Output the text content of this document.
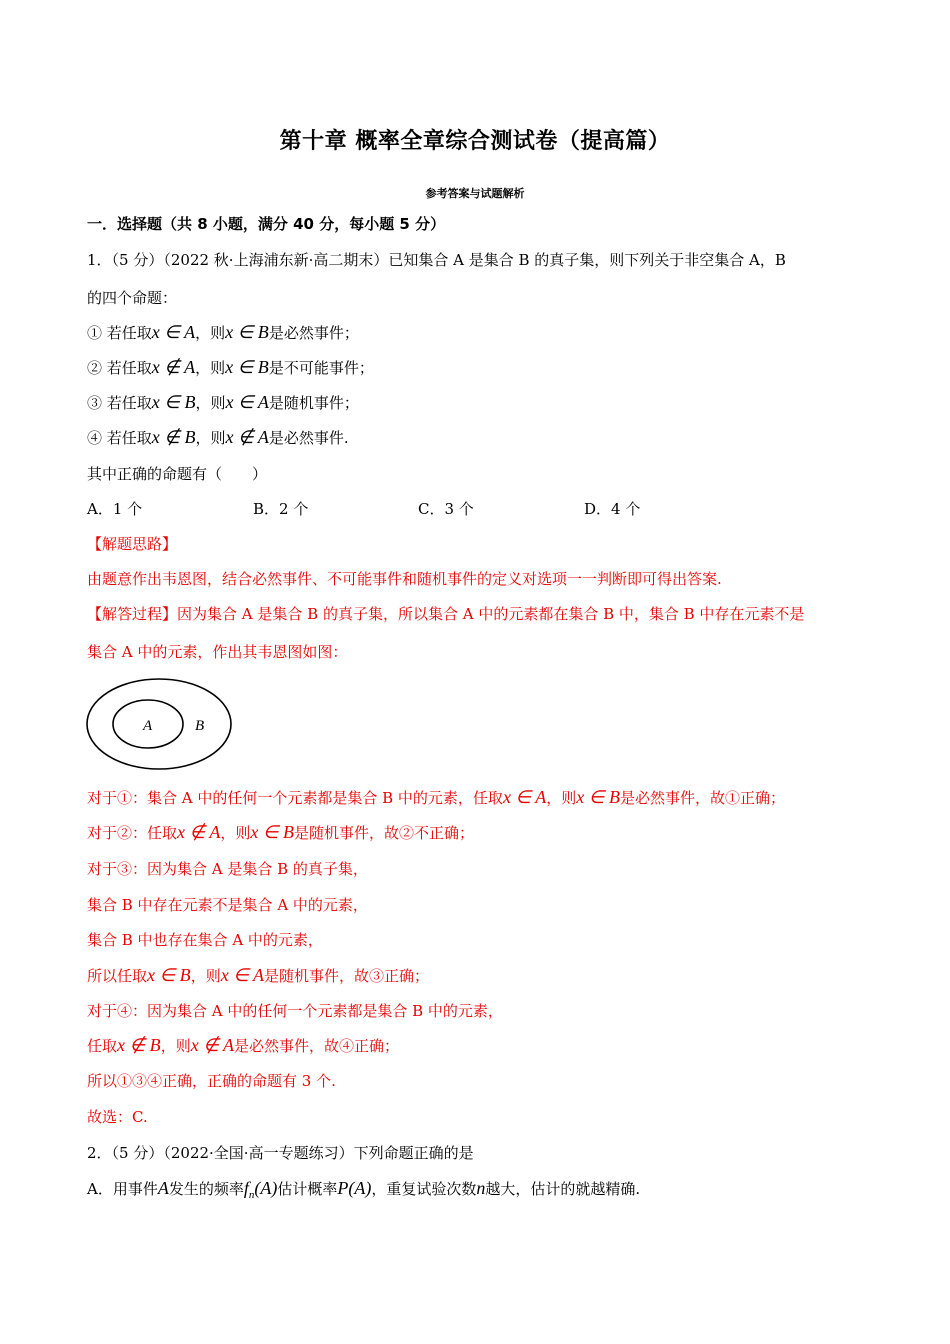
第十章 概率全章综合测试卷（提高篇）
参考答案与试题解析
一．选择题（共 8 小题，满分 40 分，每小题 5 分）
1．（5 分）（2022 秋·上海浦东新·高二期末）已知集合 A 是集合 B 的真子集，则下列关于非空集合 A，B
的四个命题：
① 若任取x ∈ A，则x ∈ B是必然事件；
② 若任取x ∉ A，则x ∈ B是不可能事件；
③ 若任取x ∈ B，则x ∈ A是随机事件；
④ 若任取x ∉ B，则x ∉ A是必然事件.
其中正确的命题有（　　）
A．1 个	B．2 个	C．3 个	D．4 个
【解题思路】
由题意作出韦恩图，结合必然事件、不可能事件和随机事件的定义对选项一一判断即可得出答案.
【解答过程】因为集合 A 是集合 B 的真子集，所以集合 A 中的元素都在集合 B 中，集合 B 中存在元素不是
集合 A 中的元素，作出其韦恩图如图：
A	B
对于①：集合 A 中的任何一个元素都是集合 B 中的元素，任取x ∈ A，则x ∈ B是必然事件，故①正确；
对于②：任取x ∉ A，则x ∈ B是随机事件，故②不正确；
对于③：因为集合 A 是集合 B 的真子集，
集合 B 中存在元素不是集合 A 中的元素，
集合 B 中也存在集合 A 中的元素，
所以任取x ∈ B，则x ∈ A是随机事件，故③正确；
对于④：因为集合 A 中的任何一个元素都是集合 B 中的元素，
任取x ∉ B，则x ∉ A是必然事件，故④正确；
所以①③④正确，正确的命题有 3 个.
故选：C.
2．（5 分）（2022·全国·高一专题练习）下列命题正确的是
A．用事件A发生的频率$f_n(A)$估计概率P(A)，重复试验次数n越大，估计的就越精确.
